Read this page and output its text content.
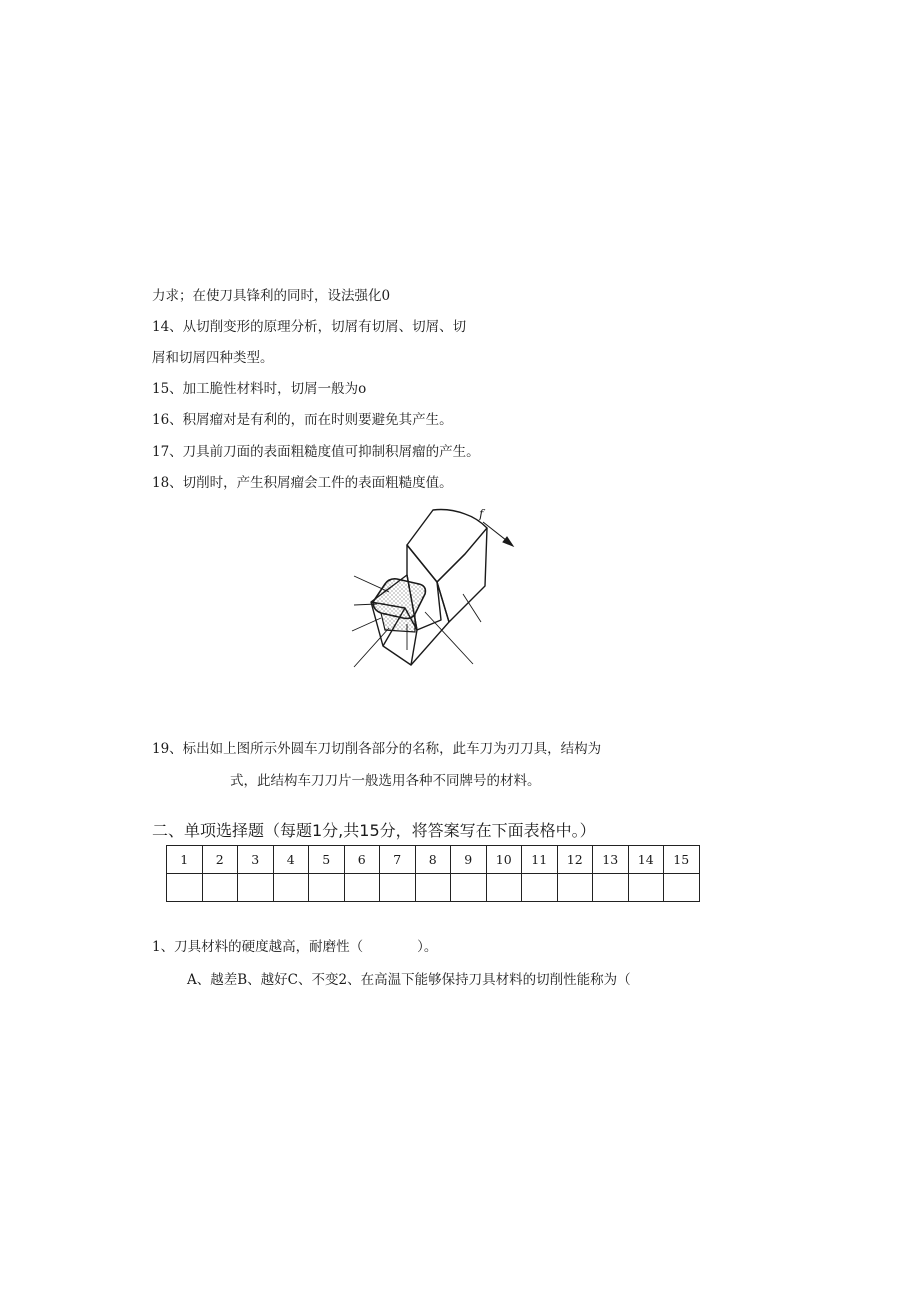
力求；在使刀具锋利的同时，设法强化0
14、从切削变形的原理分析，切屑有切屑、切屑、切
屑和切屑四种类型。
15、加工脆性材料时，切屑一般为o
16、积屑瘤对是有利的，而在时则要避免其产生。
17、刀具前刀面的表面粗糙度值可抑制积屑瘤的产生。
18、切削时，产生积屑瘤会工件的表面粗糙度值。
f
19、标出如上图所示外圆车刀切削各部分的名称，此车刀为刃刀具，结构为
式，此结构车刀刀片一般选用各种不同牌号的材料。
二、单项选择题（每题1分,共15分，将答案写在下面表格中。）
1	2	3	4	5	6	7	8	9	10	11	12	13	14	15

1、刀具材料的硬度越高，耐磨性（　　　　）。
A、越差B、越好C、不变2、在高温下能够保持刀具材料的切削性能称为（
